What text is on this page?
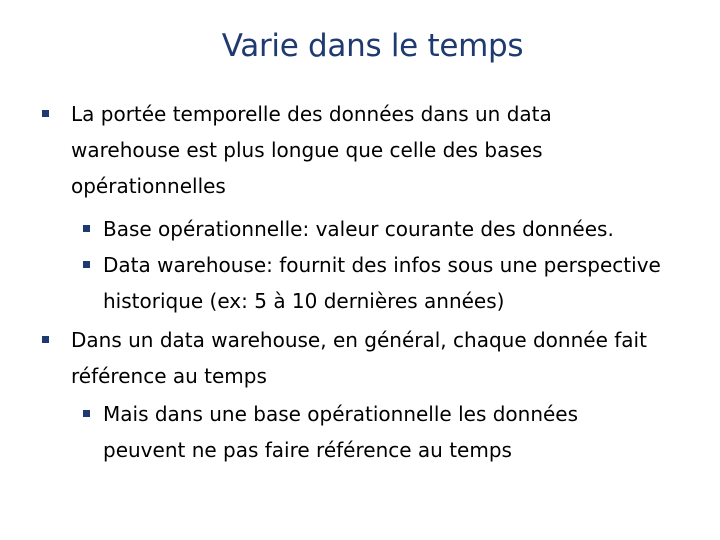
Varie dans le temps
La portée temporelle des données dans un data
warehouse est plus longue que celle des bases
opérationnelles
Base opérationnelle: valeur courante des données.
Data warehouse: fournit des infos sous une perspective
historique (ex: 5 à 10 dernières années)
Dans un data warehouse, en général, chaque donnée fait
référence au temps
Mais dans une base opérationnelle les données
peuvent ne pas faire référence au temps
